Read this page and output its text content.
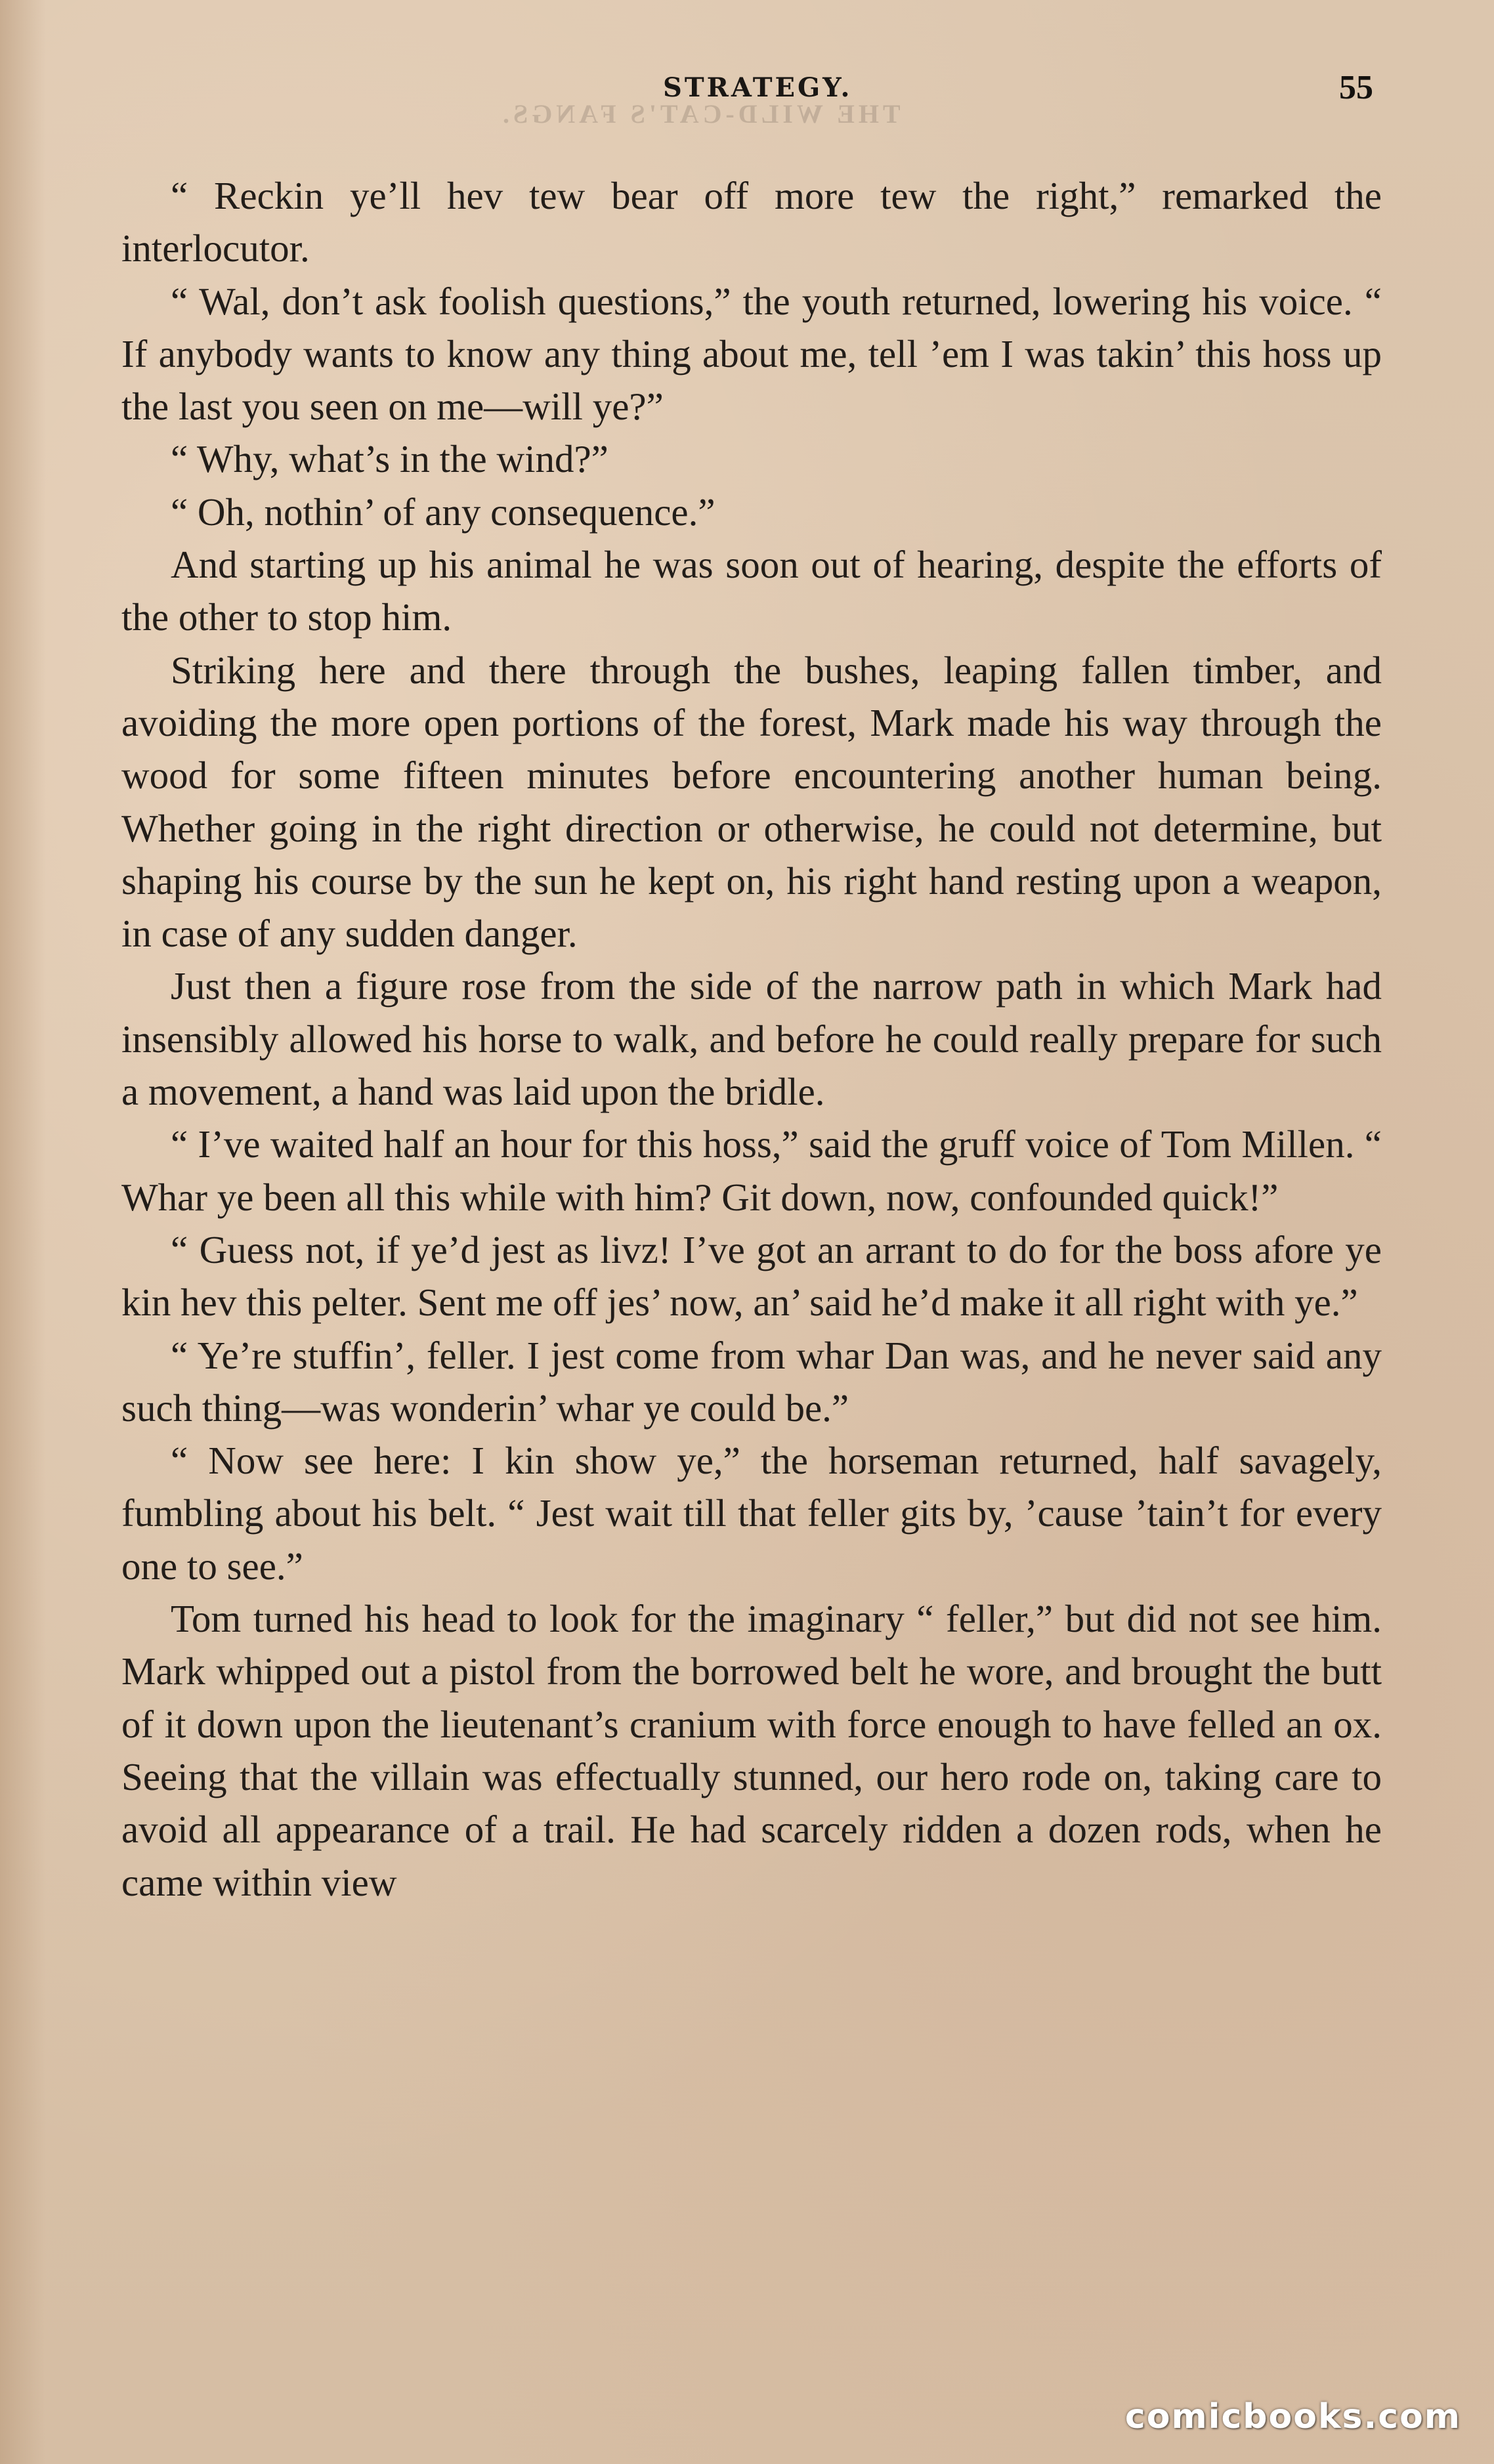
STRATEGY.	55
THE WILD-CAT'S FANGS.

“ Reckin ye’ll hev tew bear off more tew the right,” remarked the interlocutor.

“ Wal, don’t ask foolish questions,” the youth returned, lowering his voice. “ If anybody wants to know any thing about me, tell ’em I was takin’ this hoss up the last you seen on me—will ye?”

“ Why, what’s in the wind?”

“ Oh, nothin’ of any consequence.”

And starting up his animal he was soon out of hearing, despite the efforts of the other to stop him.

Striking here and there through the bushes, leaping fallen timber, and avoiding the more open portions of the forest, Mark made his way through the wood for some fifteen minutes before encountering another human being. Whether going in the right direction or otherwise, he could not determine, but shaping his course by the sun he kept on, his right hand resting upon a weapon, in case of any sudden danger.

Just then a figure rose from the side of the narrow path in which Mark had insensibly allowed his horse to walk, and before he could really prepare for such a movement, a hand was laid upon the bridle.

“ I’ve waited half an hour for this hoss,” said the gruff voice of Tom Millen. “ Whar ye been all this while with him? Git down, now, confounded quick!”

“ Guess not, if ye’d jest as livz! I’ve got an arrant to do for the boss afore ye kin hev this pelter. Sent me off jes’ now, an’ said he’d make it all right with ye.”

“ Ye’re stuffin’, feller. I jest come from whar Dan was, and he never said any such thing—was wonderin’ whar ye could be.”

“ Now see here: I kin show ye,” the horseman returned, half savagely, fumbling about his belt. “ Jest wait till that feller gits by, ’cause ’tain’t for every one to see.”

Tom turned his head to look for the imaginary “ feller,” but did not see him. Mark whipped out a pistol from the borrowed belt he wore, and brought the butt of it down upon the lieutenant’s cranium with force enough to have felled an ox. Seeing that the villain was effectually stunned, our hero rode on, taking care to avoid all appearance of a trail. He had scarcely ridden a dozen rods, when he came within view

comicbooks.com
